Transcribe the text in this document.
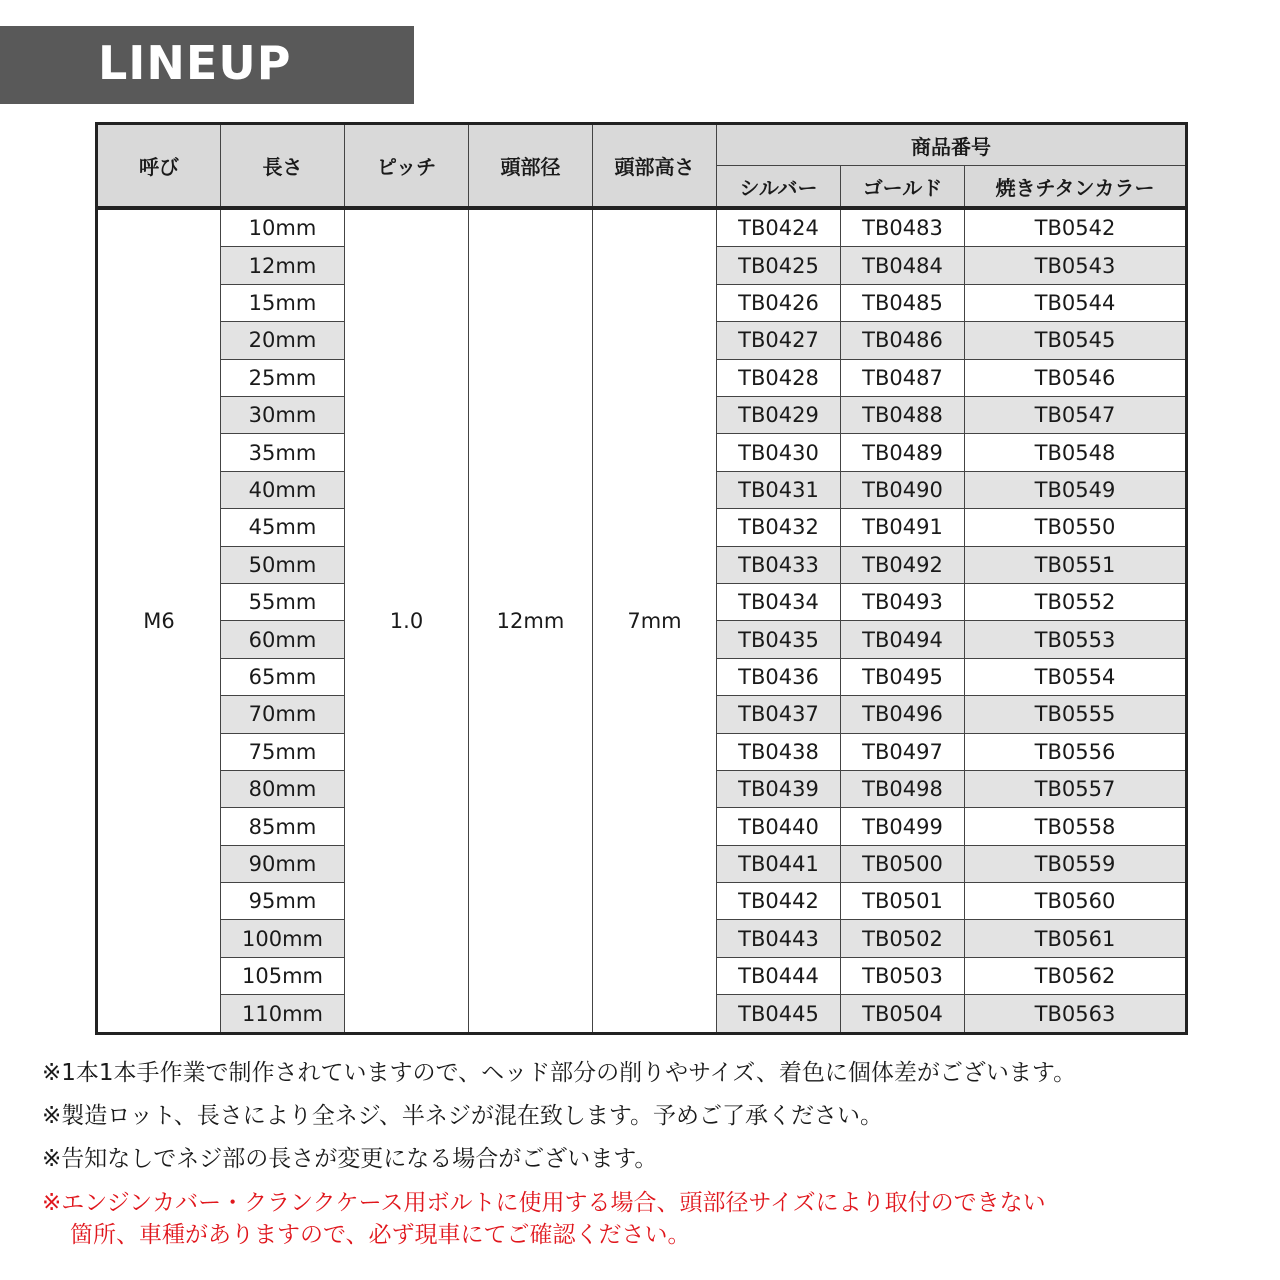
LINEUP
呼び	長さ	ピッチ	頭部径	頭部高さ	商品番号		
					シルバー	ゴールド	焼きチタンカラー
M6	10mm	1.0	12mm	7mm	TB0424	TB0483	TB0542
	12mm				TB0425	TB0484	TB0543
	15mm				TB0426	TB0485	TB0544
	20mm				TB0427	TB0486	TB0545
	25mm				TB0428	TB0487	TB0546
	30mm				TB0429	TB0488	TB0547
	35mm				TB0430	TB0489	TB0548
	40mm				TB0431	TB0490	TB0549
	45mm				TB0432	TB0491	TB0550
	50mm				TB0433	TB0492	TB0551
	55mm				TB0434	TB0493	TB0552
	60mm				TB0435	TB0494	TB0553
	65mm				TB0436	TB0495	TB0554
	70mm				TB0437	TB0496	TB0555
	75mm				TB0438	TB0497	TB0556
	80mm				TB0439	TB0498	TB0557
	85mm				TB0440	TB0499	TB0558
	90mm				TB0441	TB0500	TB0559
	95mm				TB0442	TB0501	TB0560
	100mm				TB0443	TB0502	TB0561
	105mm				TB0444	TB0503	TB0562
	110mm				TB0445	TB0504	TB0563
※1本1本手作業で制作されていますので、ヘッド部分の削りやサイズ、着色に個体差がございます。
※製造ロット、長さにより全ネジ、半ネジが混在致します。予めご了承ください。
※告知なしでネジ部の長さが変更になる場合がございます。
※エンジンカバー・クランクケース用ボルトに使用する場合、頭部径サイズにより取付のできない
箇所、車種がありますので、必ず現車にてご確認ください。
